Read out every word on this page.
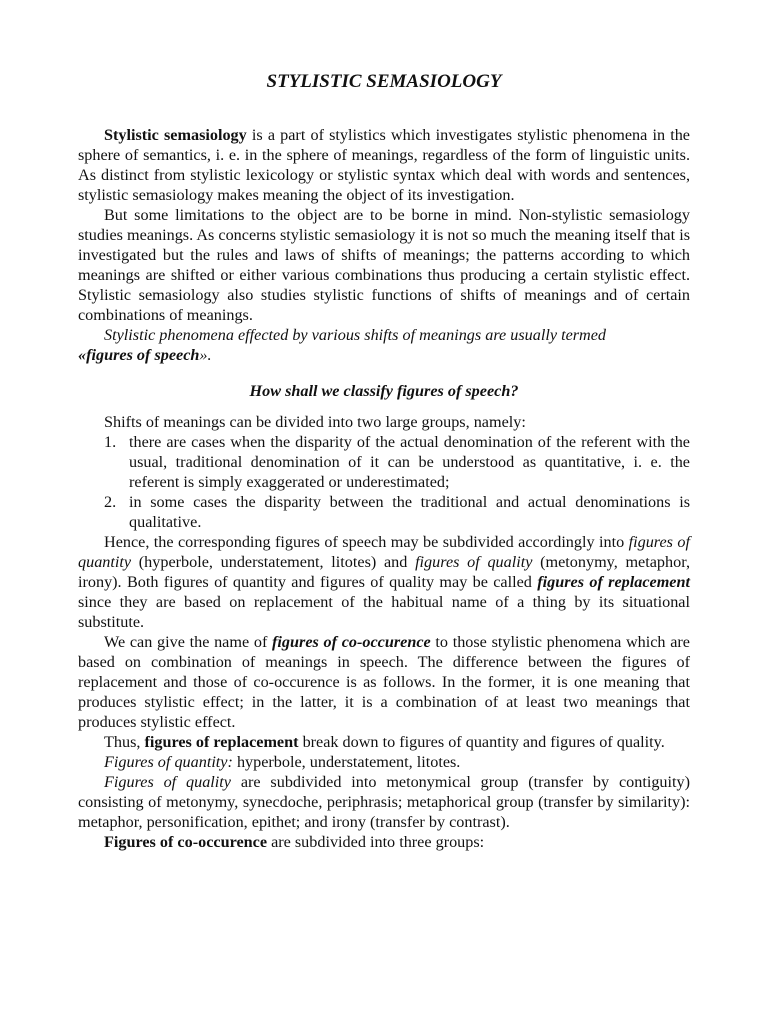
STYLISTIC SEMASIOLOGY

Stylistic semasiology is a part of stylistics which investigates stylistic phenomena in the sphere of semantics, i. e. in the sphere of meanings, regardless of the form of linguistic units. As distinct from stylistic lexicology or stylistic syntax which deal with words and sentences, stylistic semasiology makes meaning the object of its investigation.

But some limitations to the object are to be borne in mind. Non-stylistic semasiology studies meanings. As concerns stylistic semasiology it is not so much the meaning itself that is investigated but the rules and laws of shifts of meanings; the patterns according to which meanings are shifted or either various combinations thus producing a certain stylistic effect. Stylistic semasiology also studies stylistic functions of shifts of meanings and of certain combinations of meanings.

Stylistic phenomena effected by various shifts of meanings are usually termed
«figures of speech».

How shall we classify figures of speech?

Shifts of meanings can be divided into two large groups, namely:

1. there are cases when the disparity of the actual denomination of the referent with the usual, traditional denomination of it can be understood as quantitative, i. e. the referent is simply exaggerated or underestimated;
2. in some cases the disparity between the traditional and actual denominations is qualitative.

Hence, the corresponding figures of speech may be subdivided accordingly into figures of quantity (hyperbole, understatement, litotes) and figures of quality (metonymy, metaphor, irony). Both figures of quantity and figures of quality may be called figures of replacement since they are based on replacement of the habitual name of a thing by its situational substitute.

We can give the name of figures of co-occurence to those stylistic phenomena which are based on combination of meanings in speech. The difference between the figures of replacement and those of co-occurence is as follows. In the former, it is one meaning that produces stylistic effect; in the latter, it is a combination of at least two meanings that produces stylistic effect.

Thus, figures of replacement break down to figures of quantity and figures of quality.

Figures of quantity: hyperbole, understatement, litotes.

Figures of quality are subdivided into metonymical group (transfer by contiguity) consisting of metonymy, synecdoche, periphrasis; metaphorical group (transfer by similarity): metaphor, personification, epithet; and irony (transfer by contrast).

Figures of co-occurence are subdivided into three groups:
